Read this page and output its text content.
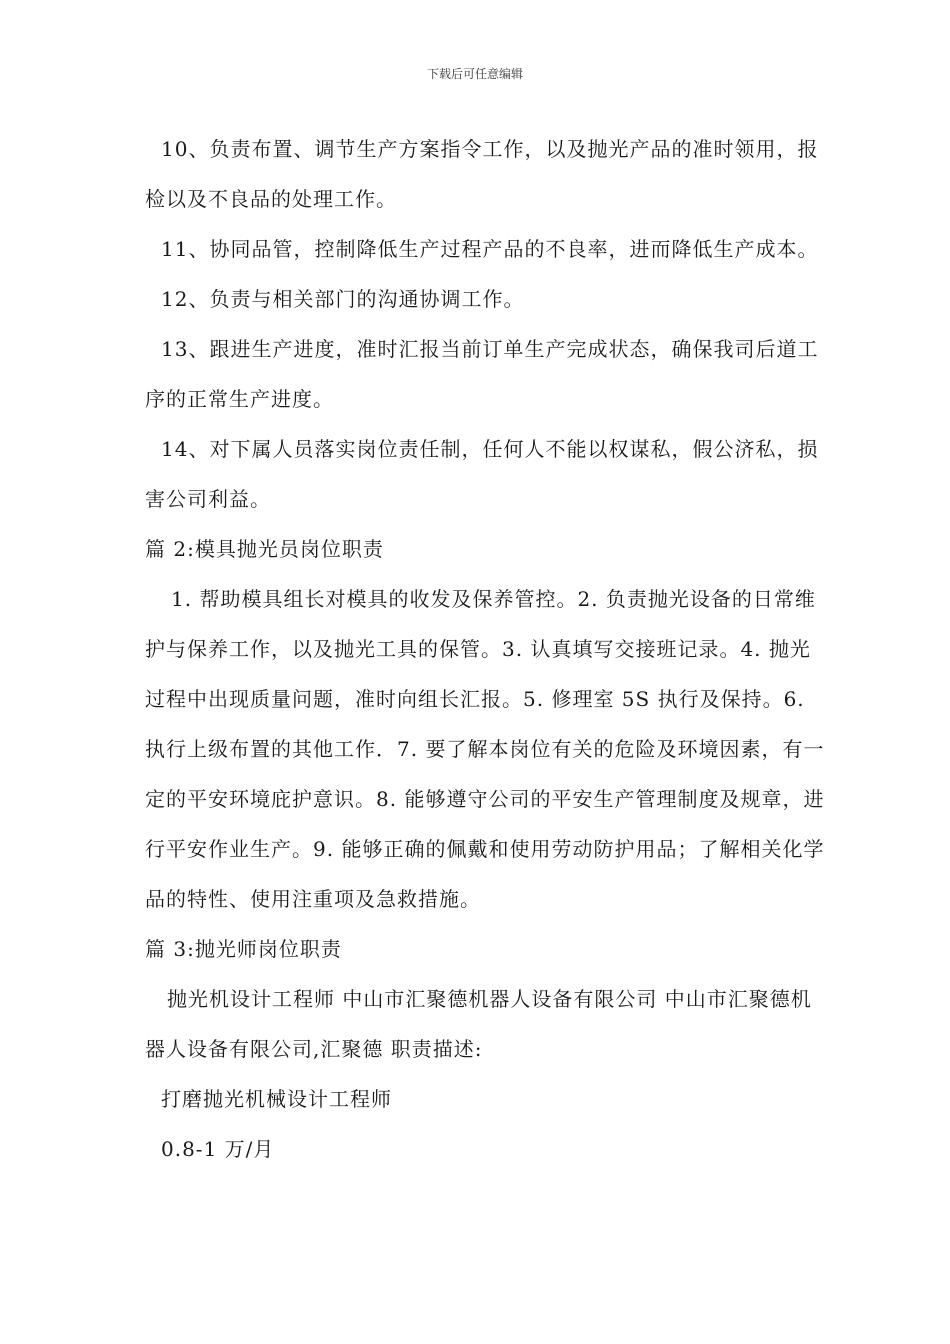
下载后可任意编辑

10、负责布置、调节生产方案指令工作，以及抛光产品的准时领用，报检以及不良品的处理工作。

11、协同品管，控制降低生产过程产品的不良率，进而降低生产成本。

12、负责与相关部门的沟通协调工作。

13、跟进生产进度，准时汇报当前订单生产完成状态，确保我司后道工序的正常生产进度。

14、对下属人员落实岗位责任制，任何人不能以权谋私，假公济私，损害公司利益。

篇 2:模具抛光员岗位职责

1. 帮助模具组长对模具的收发及保养管控。2. 负责抛光设备的日常维护与保养工作，以及抛光工具的保管。3. 认真填写交接班记录。4. 抛光过程中出现质量问题，准时向组长汇报。5. 修理室 5S 执行及保持。6. 执行上级布置的其他工作．7. 要了解本岗位有关的危险及环境因素，有一定的平安环境庇护意识。8. 能够遵守公司的平安生产管理制度及规章，进行平安作业生产。9. 能够正确的佩戴和使用劳动防护用品；了解相关化学品的特性、使用注重项及急救措施。

篇 3:抛光师岗位职责

抛光机设计工程师 中山市汇聚德机器人设备有限公司 中山市汇聚德机器人设备有限公司,汇聚德 职责描述:

打磨抛光机械设计工程师

0.8-1 万/月
